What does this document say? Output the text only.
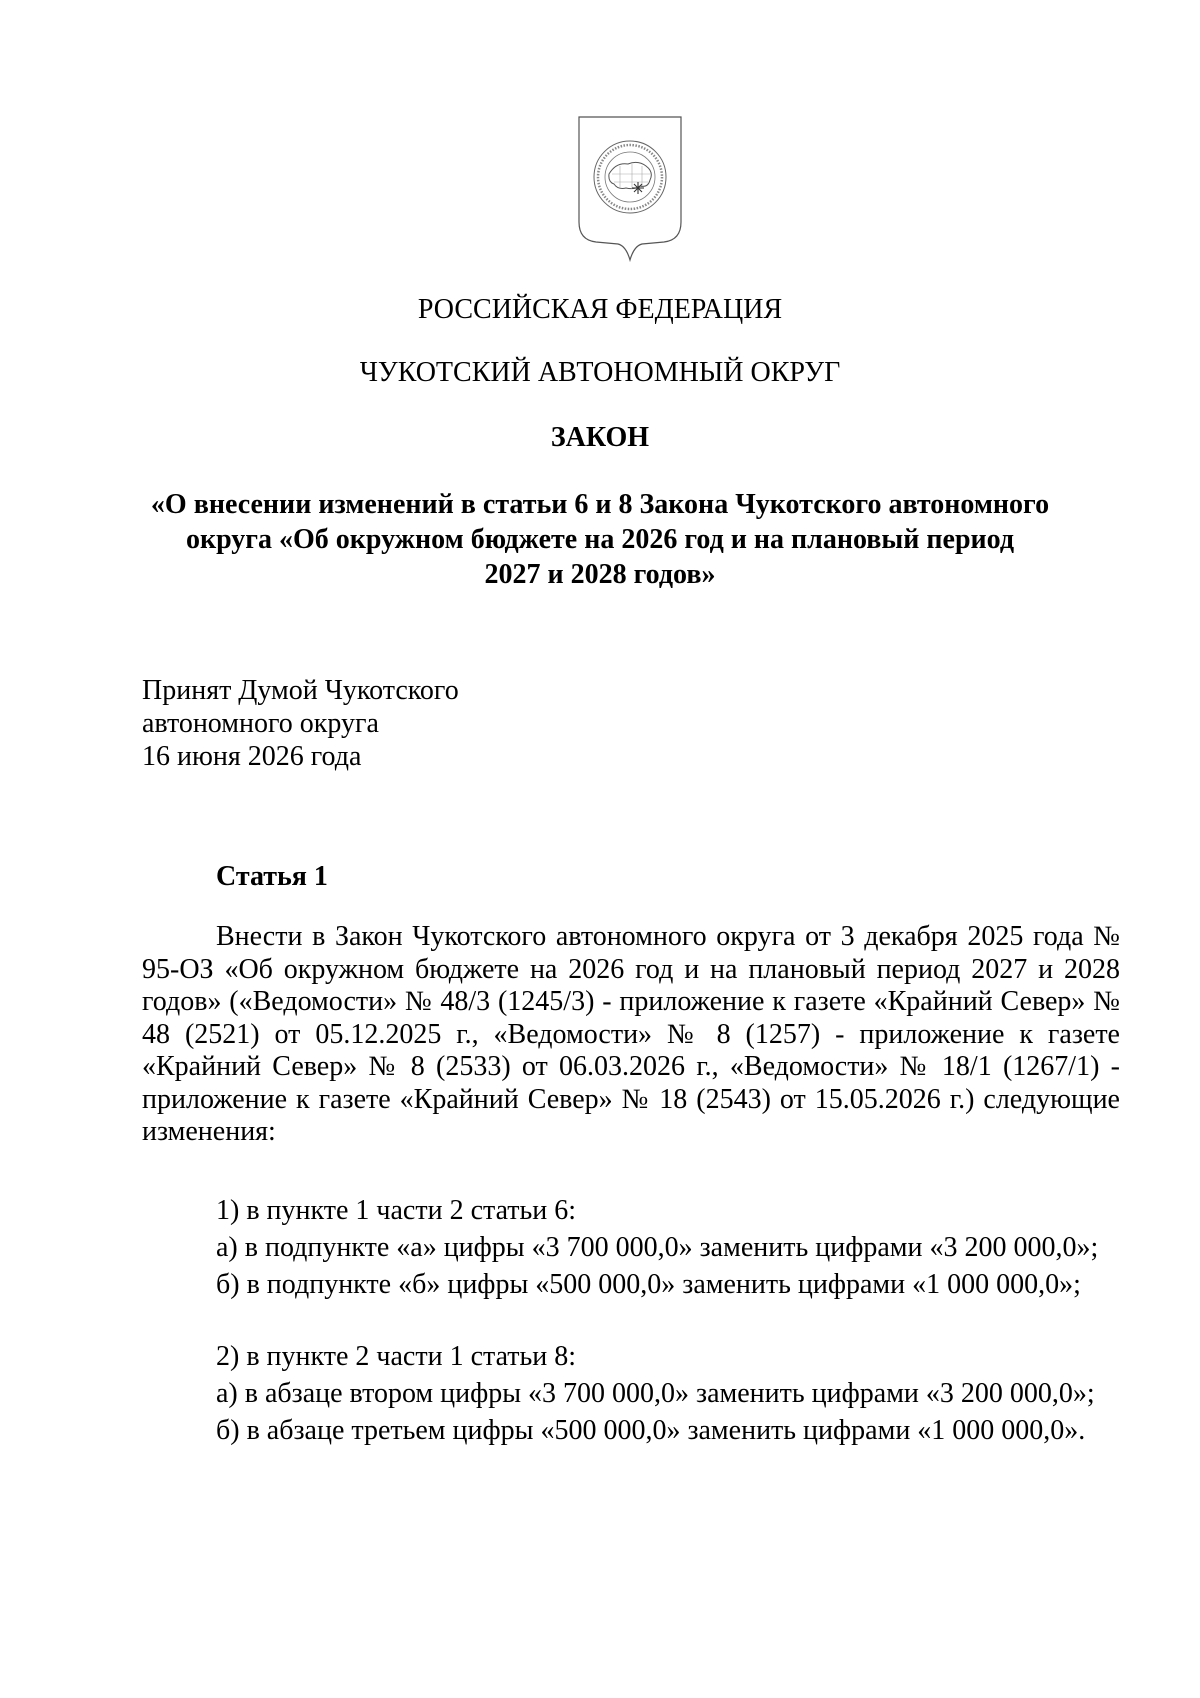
РОССИЙСКАЯ ФЕДЕРАЦИЯ
ЧУКОТСКИЙ АВТОНОМНЫЙ ОКРУГ
ЗАКОН
«О внесении изменений в статьи 6 и 8 Закона Чукотского автономного
округа «Об окружном бюджете на 2026 год и на плановый период
2027 и 2028 годов»
Принят Думой Чукотского
автономного округа
16 июня 2026 года
Статья 1

Внести в Закон Чукотского автономного округа от 3 декабря 2025 года № 95-ОЗ «Об окружном бюджете на 2026 год и на плановый период 2027 и 2028 годов» («Ведомости» № 48/3 (1245/3) - приложение к газете «Крайний Север» № 48 (2521) от 05.12.2025 г., «Ведомости» № 8 (1257) - приложение к газете «Крайний Север» № 8 (2533) от 06.03.2026 г., «Ведомости» № 18/1 (1267/1) - приложение к газете «Крайний Север» № 18 (2543) от 15.05.2026 г.) следующие изменения:

1) в пункте 1 части 2 статьи 6:
а) в подпункте «а» цифры «3 700 000,0» заменить цифрами «3 200 000,0»;
б) в подпункте «б» цифры «500 000,0» заменить цифрами «1 000 000,0»;
2) в пункте 2 части 1 статьи 8:
а) в абзаце втором цифры «3 700 000,0» заменить цифрами «3 200 000,0»;
б) в абзаце третьем цифры «500 000,0» заменить цифрами «1 000 000,0».
